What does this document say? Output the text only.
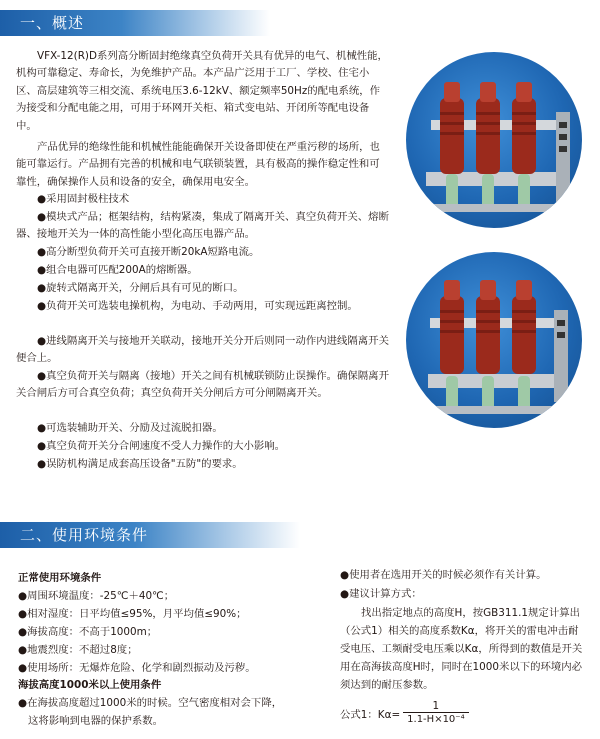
一、概述
VFX-12(R)D系列高分断固封绝缘真空负荷开关具有优异的电气、机械性能，机构可靠稳定、寿命长，为免维护产品。本产品广泛用于工厂、学校、住宅小区、高层建筑等三相交流、系统电压3.6-12kV、额定频率50Hz的配电系统，作为接受和分配电能之用，可用于环网开关柜、箱式变电站、开闭所等配电设备中。
产品优异的绝缘性能和机械性能能确保开关设备即使在严重污秽的场所，也能可靠运行。产品拥有完善的机械和电气联锁装置，具有极高的操作稳定性和可靠性，确保操作人员和设备的安全，确保用电安全。
●采用固封极柱技术
●模块式产品；框架结构，结构紧凑，集成了隔离开关、真空负荷开关、熔断器、接地开关为一体的高性能小型化高压电器产品。
●高分断型负荷开关可直接开断20kA短路电流。
●组合电器可匹配200A的熔断器。
●旋转式隔离开关，分闸后具有可见的断口。
●负荷开关可选装电操机构，为电动、手动两用，可实现远距离控制。
●进线隔离开关与接地开关联动，接地开关分开后则同一动作内进线隔离开关便合上。
●真空负荷开关与隔离（接地）开关之间有机械联锁防止误操作。确保隔离开关合闸后方可合真空负荷；真空负荷开关分闸后方可分闸隔离开关。
●可选装辅助开关、分励及过流脱扣器。
●真空负荷开关分合闸速度不受人力操作的大小影响。
●误防机构满足成套高压设备"五防"的要求。
二、使用环境条件
正常使用环境条件
●周围环境温度：-25℃＋40℃；
●相对湿度：日平均值≤95%，月平均值≤90%；
●海拔高度：不高于1000m；
●地震烈度：不超过8度；
●使用场所：无爆炸危险、化学和剧烈振动及污秽。
海拔高度1000米以上使用条件
●在海拔高度超过1000米的时候。空气密度相对会下降，
这将影响到电器的保护系数。
●使用者在选用开关的时候必须作有关计算。
●建议计算方式：
找出指定地点的高度H，按GB311.1规定计算出（公式1）相关的高度系数Kα，将开关的雷电冲击耐受电压、工频耐受电压乘以Kα，所得到的数值是开关用在高海拔高度H时，同时在1000米以下的环境内必须达到的耐压参数。
公式1：$K\alpha= \frac{1}{\text{1.1-H×10⁻⁴}}$
